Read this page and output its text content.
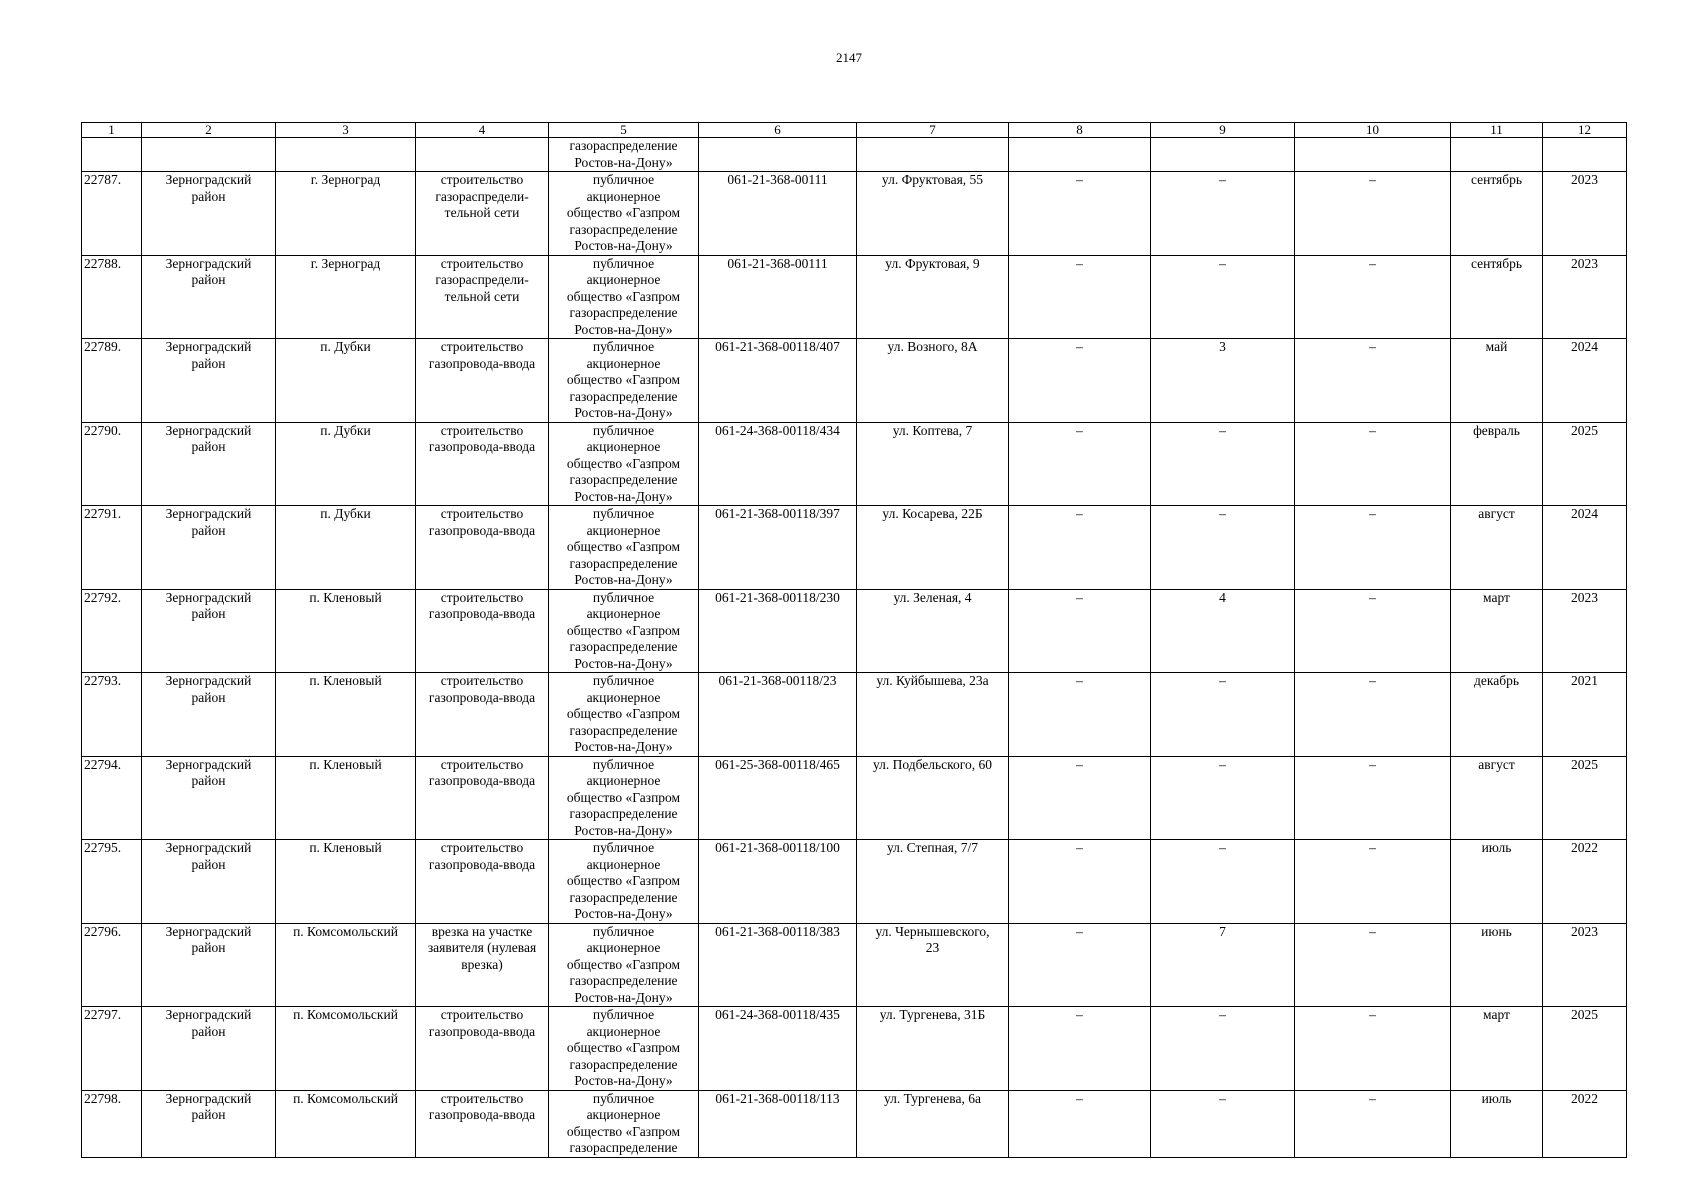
2147
1	2	3	4	5	6	7	8	9	10	11	12
				газораспределение
Ростов-на-Дону»							
22787.	Зерноградский
район	г. Зерноград	строительство
газораспредели-
тельной сети	публичное
акционерное
общество «Газпром
газораспределение
Ростов-на-Дону»	061-21-368-00111	ул. Фруктовая, 55	–	–	–	сентябрь	2023
22788.	Зерноградский
район	г. Зерноград	строительство
газораспредели-
тельной сети	публичное
акционерное
общество «Газпром
газораспределение
Ростов-на-Дону»	061-21-368-00111	ул. Фруктовая, 9	–	–	–	сентябрь	2023
22789.	Зерноградский
район	п. Дубки	строительство
газопровода-ввода	публичное
акционерное
общество «Газпром
газораспределение
Ростов-на-Дону»	061-21-368-00118/407	ул. Возного, 8А	–	3	–	май	2024
22790.	Зерноградский
район	п. Дубки	строительство
газопровода-ввода	публичное
акционерное
общество «Газпром
газораспределение
Ростов-на-Дону»	061-24-368-00118/434	ул. Коптева, 7	–	–	–	февраль	2025
22791.	Зерноградский
район	п. Дубки	строительство
газопровода-ввода	публичное
акционерное
общество «Газпром
газораспределение
Ростов-на-Дону»	061-21-368-00118/397	ул. Косарева, 22Б	–	–	–	август	2024
22792.	Зерноградский
район	п. Кленовый	строительство
газопровода-ввода	публичное
акционерное
общество «Газпром
газораспределение
Ростов-на-Дону»	061-21-368-00118/230	ул. Зеленая, 4	–	4	–	март	2023
22793.	Зерноградский
район	п. Кленовый	строительство
газопровода-ввода	публичное
акционерное
общество «Газпром
газораспределение
Ростов-на-Дону»	061-21-368-00118/23	ул. Куйбышева, 23а	–	–	–	декабрь	2021
22794.	Зерноградский
район	п. Кленовый	строительство
газопровода-ввода	публичное
акционерное
общество «Газпром
газораспределение
Ростов-на-Дону»	061-25-368-00118/465	ул. Подбельского, 60	–	–	–	август	2025
22795.	Зерноградский
район	п. Кленовый	строительство
газопровода-ввода	публичное
акционерное
общество «Газпром
газораспределение
Ростов-на-Дону»	061-21-368-00118/100	ул. Степная, 7/7	–	–	–	июль	2022
22796.	Зерноградский
район	п. Комсомольский	врезка на участке
заявителя (нулевая
врезка)	публичное
акционерное
общество «Газпром
газораспределение
Ростов-на-Дону»	061-21-368-00118/383	ул. Чернышевского,
23	–	7	–	июнь	2023
22797.	Зерноградский
район	п. Комсомольский	строительство
газопровода-ввода	публичное
акционерное
общество «Газпром
газораспределение
Ростов-на-Дону»	061-24-368-00118/435	ул. Тургенева, 31Б	–	–	–	март	2025
22798.	Зерноградский
район	п. Комсомольский	строительство
газопровода-ввода	публичное
акционерное
общество «Газпром
газораспределение	061-21-368-00118/113	ул. Тургенева, 6а	–	–	–	июль	2022
